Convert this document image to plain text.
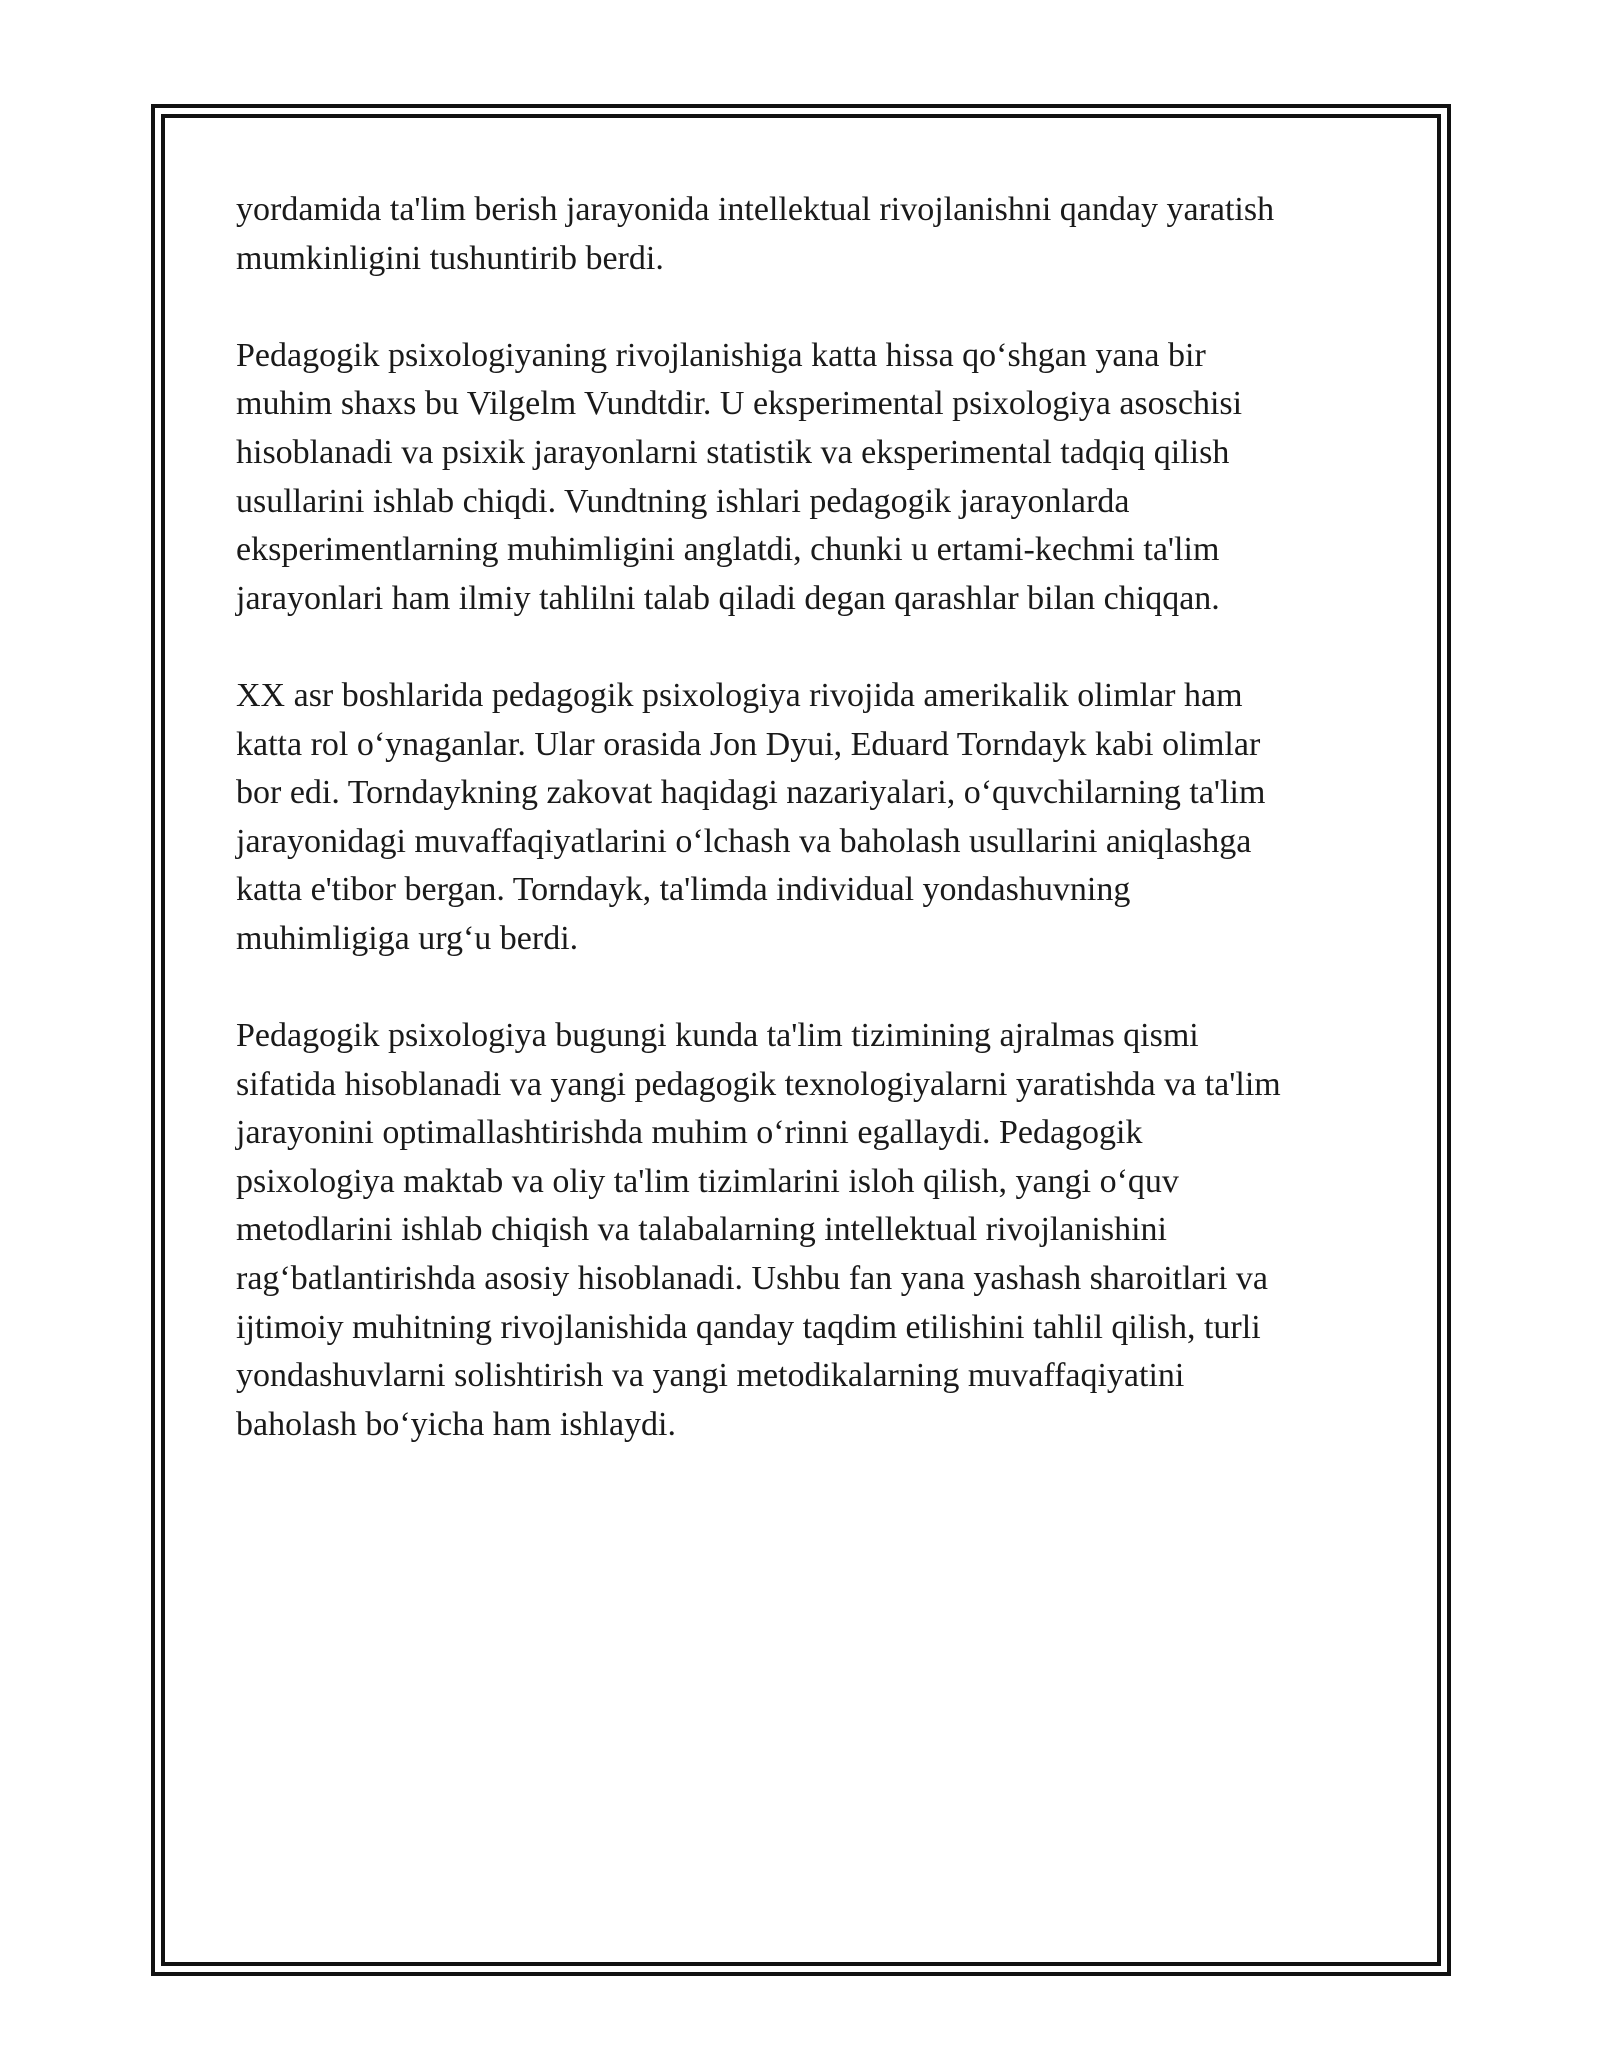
yordamida ta'lim berish jarayonida intellektual rivojlanishni qanday yaratish
mumkinligini tushuntirib berdi.

Pedagogik psixologiyaning rivojlanishiga katta hissa qo‘shgan yana bir
muhim shaxs bu Vilgelm Vundtdir. U eksperimental psixologiya asoschisi
hisoblanadi va psixik jarayonlarni statistik va eksperimental tadqiq qilish
usullarini ishlab chiqdi. Vundtning ishlari pedagogik jarayonlarda
eksperimentlarning muhimligini anglatdi, chunki u ertami-kechmi ta'lim
jarayonlari ham ilmiy tahlilni talab qiladi degan qarashlar bilan chiqqan.

XX asr boshlarida pedagogik psixologiya rivojida amerikalik olimlar ham
katta rol o‘ynaganlar. Ular orasida Jon Dyui, Eduard Torndayk kabi olimlar
bor edi. Torndaykning zakovat haqidagi nazariyalari, o‘quvchilarning ta'lim
jarayonidagi muvaffaqiyatlarini o‘lchash va baholash usullarini aniqlashga
katta e'tibor bergan. Torndayk, ta'limda individual yondashuvning
muhimligiga urg‘u berdi.

Pedagogik psixologiya bugungi kunda ta'lim tizimining ajralmas qismi
sifatida hisoblanadi va yangi pedagogik texnologiyalarni yaratishda va ta'lim
jarayonini optimallashtirishda muhim o‘rinni egallaydi. Pedagogik
psixologiya maktab va oliy ta'lim tizimlarini isloh qilish, yangi o‘quv
metodlarini ishlab chiqish va talabalarning intellektual rivojlanishini
rag‘batlantirishda asosiy hisoblanadi. Ushbu fan yana yashash sharoitlari va
ijtimoiy muhitning rivojlanishida qanday taqdim etilishini tahlil qilish, turli
yondashuvlarni solishtirish va yangi metodikalarning muvaffaqiyatini
baholash bo‘yicha ham ishlaydi.
